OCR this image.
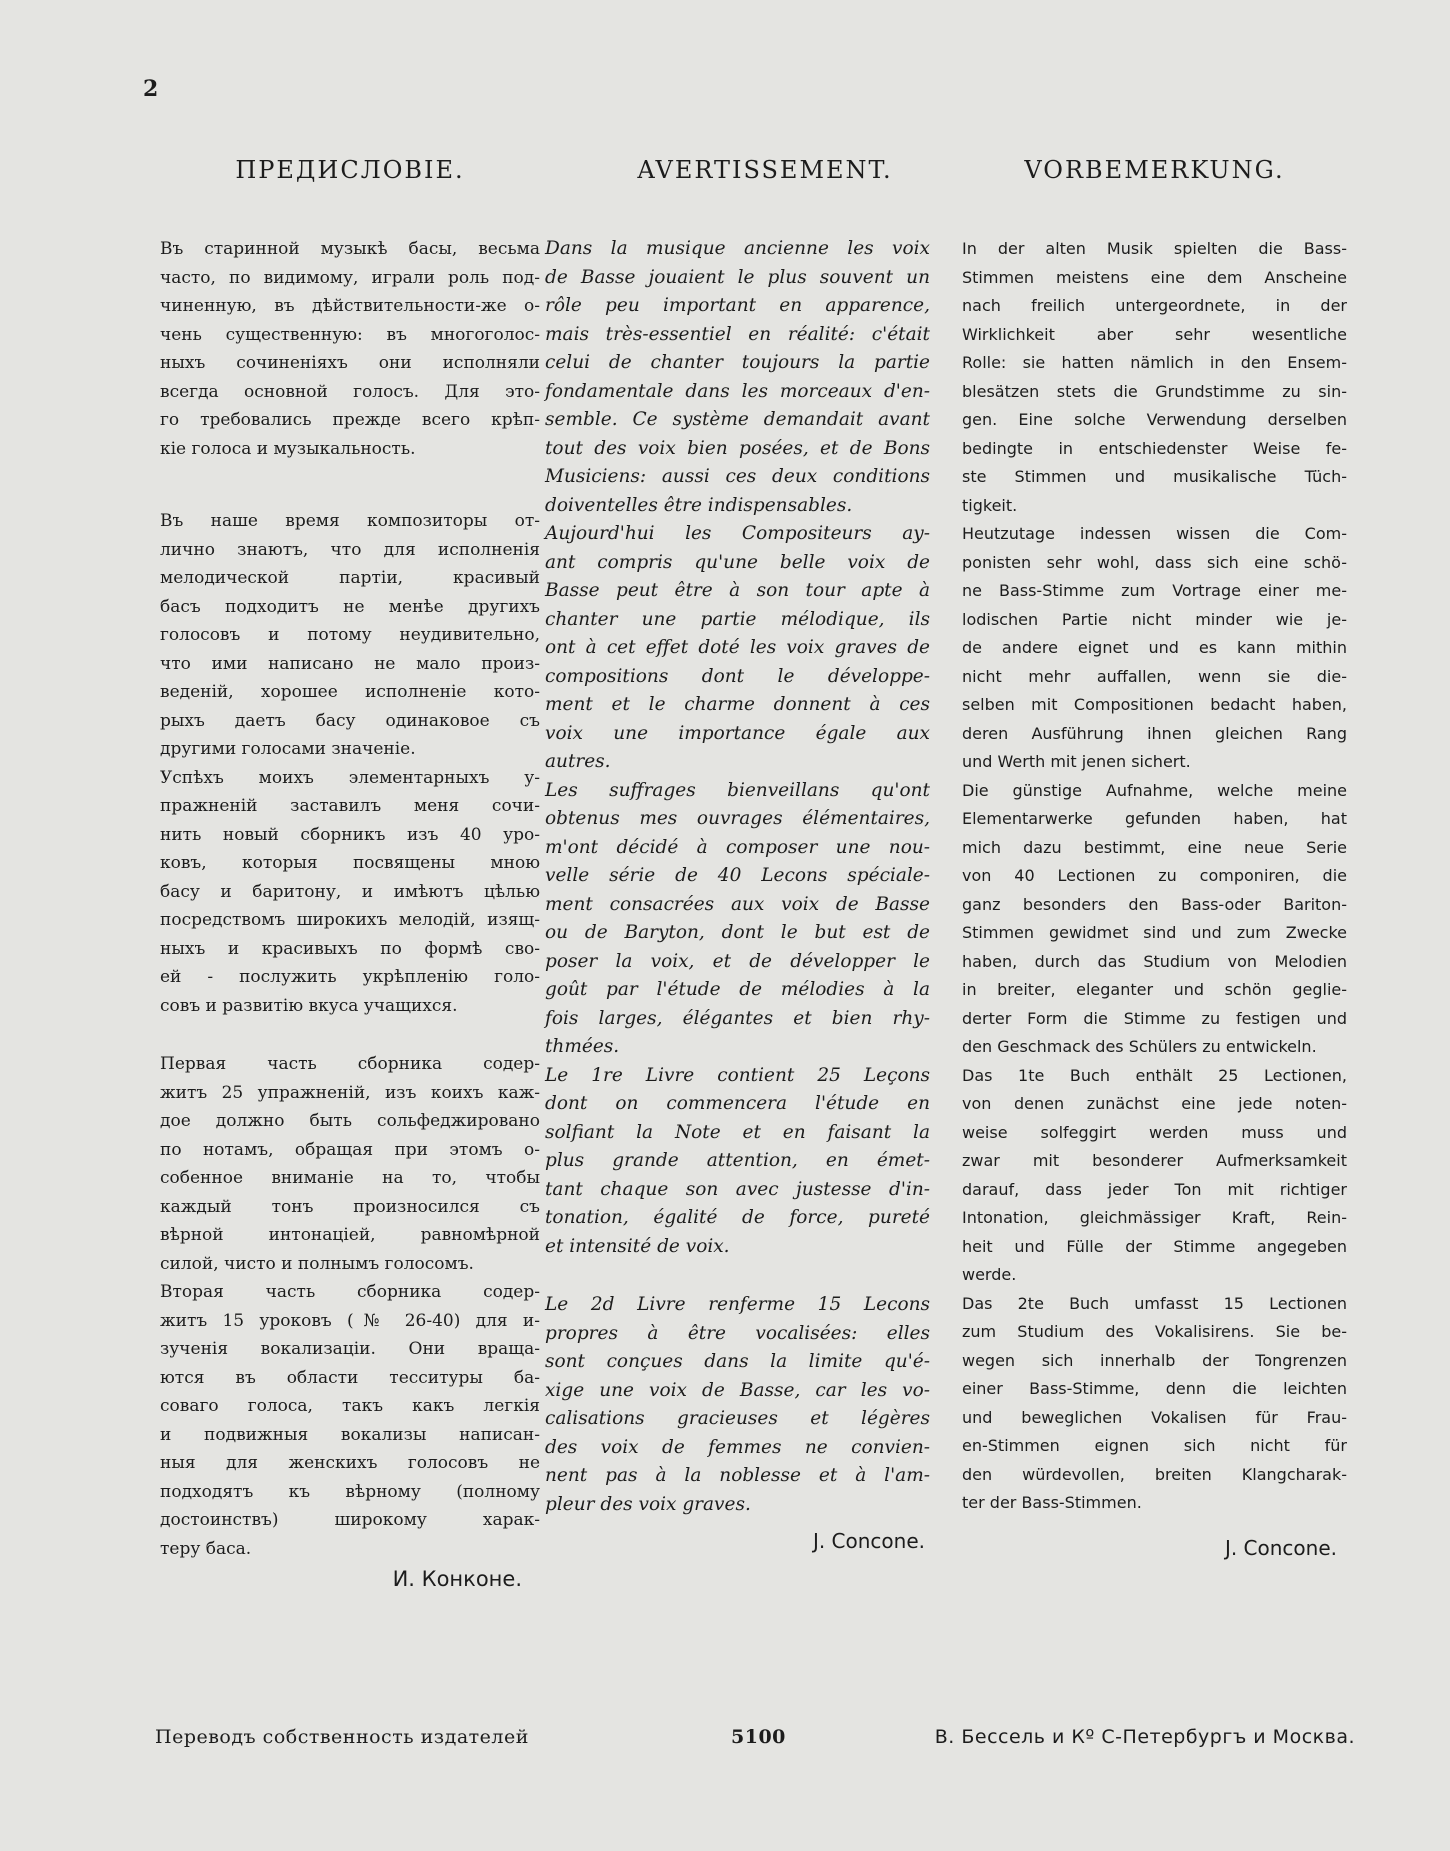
2
ПРЕДИСЛОВІЕ.
Въ старинной музыкѣ басы, весьма
часто, по видимому, играли роль под-
чиненную, въ дѣйствительности-же о-
чень существенную: въ многоголос-
ныхъ сочиненіяхъ они исполняли
всегда основной голосъ. Для это-
го требовались прежде всего крѣп-
кіе голоса и музыкальность.
Въ наше время композиторы от-
лично знаютъ, что для исполненія
мелодической партіи, красивый
басъ подходитъ не менѣе другихъ
голосовъ и потому неудивительно,
что ими написано не мало произ-
веденій, хорошее исполненіе кото-
рыхъ даетъ басу одинаковое съ
другими голосами значеніе.
Успѣхъ моихъ элементарныхъ у-
пражненій заставилъ меня сочи-
нить новый сборникъ изъ 40 уро-
ковъ, которыя посвящены мною
басу и баритону, и имѣютъ цѣлью
посредствомъ широкихъ мелодій, изящ-
ныхъ и красивыхъ по формѣ сво-
ей - послужить укрѣпленію голо-
совъ и развитію вкуса учащихся.
Первая часть сборника содер-
житъ 25 упражненій, изъ коихъ каж-
дое должно быть сольфеджировано
по нотамъ, обращая при этомъ о-
собенное вниманіе на то, чтобы
каждый тонъ произносился съ
вѣрной интонаціей, равномѣрной
силой, чисто и полнымъ голосомъ.
Вторая часть сборника содер-
житъ 15 уроковъ (№ 26-40) для и-
зученія вокализаціи. Они враща-
ются въ области тесситуры ба-
соваго голоса, такъ какъ легкія
и подвижныя вокализы написан-
ныя для женскихъ голосовъ не
подходятъ къ вѣрному (полному
достоинствъ) широкому харак-
теру баса.
И. Конконе.
AVERTISSEMENT.
Dans la musique ancienne les voix
de Basse jouaient le plus souvent un
rôle peu important en apparence,
mais très-essentiel en réalité: c'était
celui de chanter toujours la partie
fondamentale dans les morceaux d'en-
semble. Ce système demandait avant
tout des voix bien posées, et de Bons
Musiciens: aussi ces deux conditions
doiventelles être indispensables.
Aujourd'hui les Compositeurs ay-
ant compris qu'une belle voix de
Basse peut être à son tour apte à
chanter une partie mélodique, ils
ont à cet effet doté les voix graves de
compositions dont le développe-
ment et le charme donnent à ces
voix une importance égale aux
autres.
Les suffrages bienveillans qu'ont
obtenus mes ouvrages élémentaires,
m'ont décidé à composer une nou-
velle série de 40 Lecons spéciale-
ment consacrées aux voix de Basse
ou de Baryton, dont le but est de
poser la voix, et de développer le
goût par l'étude de mélodies à la
fois larges, élégantes et bien rhy-
thmées.
Le 1re Livre contient 25 Leçons
dont on commencera l'étude en
solfiant la Note et en faisant la
plus grande attention, en émet-
tant chaque son avec justesse d'in-
tonation, égalité de force, pureté
et intensité de voix.
Le 2d Livre renferme 15 Lecons
propres à être vocalisées: elles
sont conçues dans la limite qu'é-
xige une voix de Basse, car les vo-
calisations gracieuses et légères
des voix de femmes ne convien-
nent pas à la noblesse et à l'am-
pleur des voix graves.
J. Concone.
VORBEMERKUNG.
In der alten Musik spielten die Bass-
Stimmen meistens eine dem Anscheine
nach freilich untergeordnete, in der
Wirklichkeit aber sehr wesentliche
Rolle: sie hatten nämlich in den Ensem-
blesätzen stets die Grundstimme zu sin-
gen. Eine solche Verwendung derselben
bedingte in entschiedenster Weise fe-
ste Stimmen und musikalische Tüch-
tigkeit.
Heutzutage indessen wissen die Com-
ponisten sehr wohl, dass sich eine schö-
ne Bass-Stimme zum Vortrage einer me-
lodischen Partie nicht minder wie je-
de andere eignet und es kann mithin
nicht mehr auffallen, wenn sie die-
selben mit Compositionen bedacht haben,
deren Ausführung ihnen gleichen Rang
und Werth mit jenen sichert.
Die günstige Aufnahme, welche meine
Elementarwerke gefunden haben, hat
mich dazu bestimmt, eine neue Serie
von 40 Lectionen zu componiren, die
ganz besonders den Bass-oder Bariton-
Stimmen gewidmet sind und zum Zwecke
haben, durch das Studium von Melodien
in breiter, eleganter und schön geglie-
derter Form die Stimme zu festigen und
den Geschmack des Schülers zu entwickeln.
Das 1te Buch enthält 25 Lectionen,
von denen zunächst eine jede noten-
weise solfeggirt werden muss und
zwar mit besonderer Aufmerksamkeit
darauf, dass jeder Ton mit richtiger
Intonation, gleichmässiger Kraft, Rein-
heit und Fülle der Stimme angegeben
werde.
Das 2te Buch umfasst 15 Lectionen
zum Studium des Vokalisirens. Sie be-
wegen sich innerhalb der Tongrenzen
einer Bass-Stimme, denn die leichten
und beweglichen Vokalisen für Frau-
en-Stimmen eignen sich nicht für
den würdevollen, breiten Klangcharak-
ter der Bass-Stimmen.
J. Concone.
Переводъ собственность издателей	5100	В. Бессель и Кº С-Петербургъ и Москва.
